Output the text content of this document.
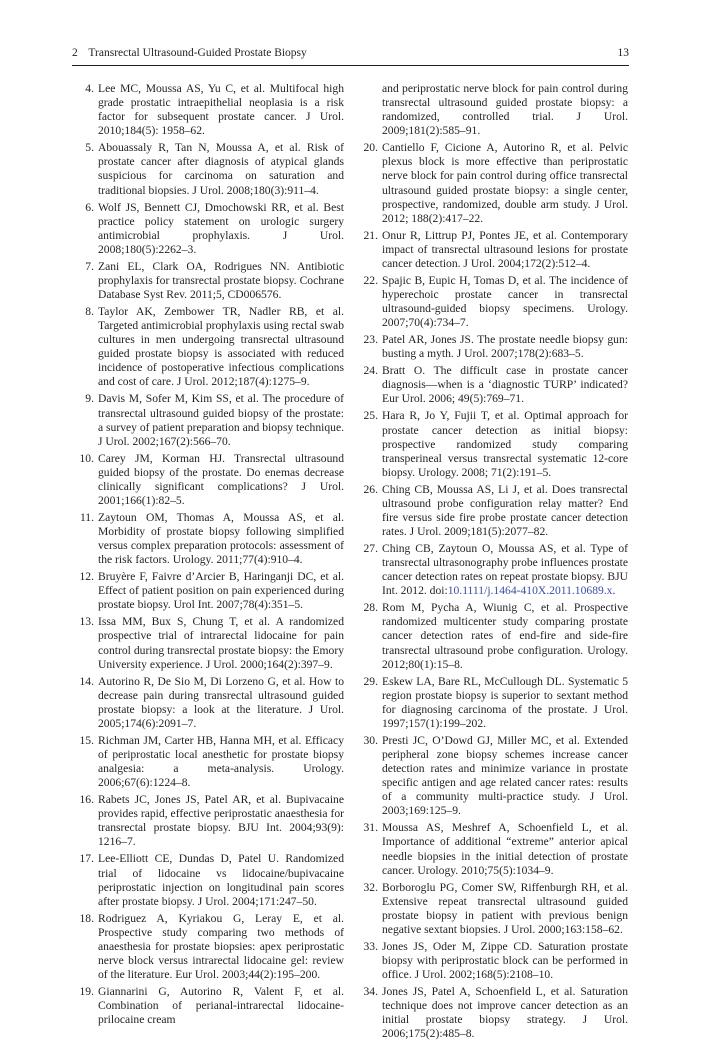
2 Transrectal Ultrasound-Guided Prostate Biopsy	13
4. Lee MC, Moussa AS, Yu C, et al. Multifocal high grade prostatic intraepithelial neoplasia is a risk factor for subsequent prostate cancer. J Urol. 2010;184(5): 1958–62.
5. Abouassaly R, Tan N, Moussa A, et al. Risk of prostate cancer after diagnosis of atypical glands suspicious for carcinoma on saturation and traditional biopsies. J Urol. 2008;180(3):911–4.
6. Wolf JS, Bennett CJ, Dmochowski RR, et al. Best practice policy statement on urologic surgery antimicrobial prophylaxis. J Urol. 2008;180(5):2262–3.
7. Zani EL, Clark OA, Rodrigues NN. Antibiotic prophylaxis for transrectal prostate biopsy. Cochrane Database Syst Rev. 2011;5, CD006576.
8. Taylor AK, Zembower TR, Nadler RB, et al. Targeted antimicrobial prophylaxis using rectal swab cultures in men undergoing transrectal ultrasound guided prostate biopsy is associated with reduced incidence of postoperative infectious complications and cost of care. J Urol. 2012;187(4):1275–9.
9. Davis M, Sofer M, Kim SS, et al. The procedure of transrectal ultrasound guided biopsy of the prostate: a survey of patient preparation and biopsy technique. J Urol. 2002;167(2):566–70.
10. Carey JM, Korman HJ. Transrectal ultrasound guided biopsy of the prostate. Do enemas decrease clinically significant complications? J Urol. 2001;166(1):82–5.
11. Zaytoun OM, Thomas A, Moussa AS, et al. Morbidity of prostate biopsy following simplified versus complex preparation protocols: assessment of the risk factors. Urology. 2011;77(4):910–4.
12. Bruyère F, Faivre d’Arcier B, Haringanji DC, et al. Effect of patient position on pain experienced during prostate biopsy. Urol Int. 2007;78(4):351–5.
13. Issa MM, Bux S, Chung T, et al. A randomized prospective trial of intrarectal lidocaine for pain control during transrectal prostate biopsy: the Emory University experience. J Urol. 2000;164(2):397–9.
14. Autorino R, De Sio M, Di Lorzeno G, et al. How to decrease pain during transrectal ultrasound guided prostate biopsy: a look at the literature. J Urol. 2005;174(6):2091–7.
15. Richman JM, Carter HB, Hanna MH, et al. Efficacy of periprostatic local anesthetic for prostate biopsy analgesia: a meta-analysis. Urology. 2006;67(6):1224–8.
16. Rabets JC, Jones JS, Patel AR, et al. Bupivacaine provides rapid, effective periprostatic anaesthesia for transrectal prostate biopsy. BJU Int. 2004;93(9): 1216–7.
17. Lee-Elliott CE, Dundas D, Patel U. Randomized trial of lidocaine vs lidocaine/bupivacaine periprostatic injection on longitudinal pain scores after prostate biopsy. J Urol. 2004;171:247–50.
18. Rodriguez A, Kyriakou G, Leray E, et al. Prospective study comparing two methods of anaesthesia for prostate biopsies: apex periprostatic nerve block versus intrarectal lidocaine gel: review of the literature. Eur Urol. 2003;44(2):195–200.
19. Giannarini G, Autorino R, Valent F, et al. Combination of perianal-intrarectal lidocaine-prilocaine cream
and periprostatic nerve block for pain control during transrectal ultrasound guided prostate biopsy: a randomized, controlled trial. J Urol. 2009;181(2):585–91.
20. Cantiello F, Cicione A, Autorino R, et al. Pelvic plexus block is more effective than periprostatic nerve block for pain control during office transrectal ultrasound guided prostate biopsy: a single center, prospective, randomized, double arm study. J Urol. 2012; 188(2):417–22.
21. Onur R, Littrup PJ, Pontes JE, et al. Contemporary impact of transrectal ultrasound lesions for prostate cancer detection. J Urol. 2004;172(2):512–4.
22. Spajic B, Eupic H, Tomas D, et al. The incidence of hyperechoic prostate cancer in transrectal ultrasound-guided biopsy specimens. Urology. 2007;70(4):734–7.
23. Patel AR, Jones JS. The prostate needle biopsy gun: busting a myth. J Urol. 2007;178(2):683–5.
24. Bratt O. The difficult case in prostate cancer diagnosis—when is a ‘diagnostic TURP’ indicated? Eur Urol. 2006; 49(5):769–71.
25. Hara R, Jo Y, Fujii T, et al. Optimal approach for prostate cancer detection as initial biopsy: prospective randomized study comparing transperineal versus transrectal systematic 12-core biopsy. Urology. 2008; 71(2):191–5.
26. Ching CB, Moussa AS, Li J, et al. Does transrectal ultrasound probe configuration relay matter? End fire versus side fire probe prostate cancer detection rates. J Urol. 2009;181(5):2077–82.
27. Ching CB, Zaytoun O, Moussa AS, et al. Type of transrectal ultrasonography probe influences prostate cancer detection rates on repeat prostate biopsy. BJU Int. 2012. doi:10.1111/j.1464-410X.2011.10689.x.
28. Rom M, Pycha A, Wiunig C, et al. Prospective randomized multicenter study comparing prostate cancer detection rates of end-fire and side-fire transrectal ultrasound probe configuration. Urology. 2012;80(1):15–8.
29. Eskew LA, Bare RL, McCullough DL. Systematic 5 region prostate biopsy is superior to sextant method for diagnosing carcinoma of the prostate. J Urol. 1997;157(1):199–202.
30. Presti JC, O’Dowd GJ, Miller MC, et al. Extended peripheral zone biopsy schemes increase cancer detection rates and minimize variance in prostate specific antigen and age related cancer rates: results of a community multi-practice study. J Urol. 2003;169:125–9.
31. Moussa AS, Meshref A, Schoenfield L, et al. Importance of additional “extreme” anterior apical needle biopsies in the initial detection of prostate cancer. Urology. 2010;75(5):1034–9.
32. Borboroglu PG, Comer SW, Riffenburgh RH, et al. Extensive repeat transrectal ultrasound guided prostate biopsy in patient with previous benign negative sextant biopsies. J Urol. 2000;163:158–62.
33. Jones JS, Oder M, Zippe CD. Saturation prostate biopsy with periprostatic block can be performed in office. J Urol. 2002;168(5):2108–10.
34. Jones JS, Patel A, Schoenfield L, et al. Saturation technique does not improve cancer detection as an initial prostate biopsy strategy. J Urol. 2006;175(2):485–8.
